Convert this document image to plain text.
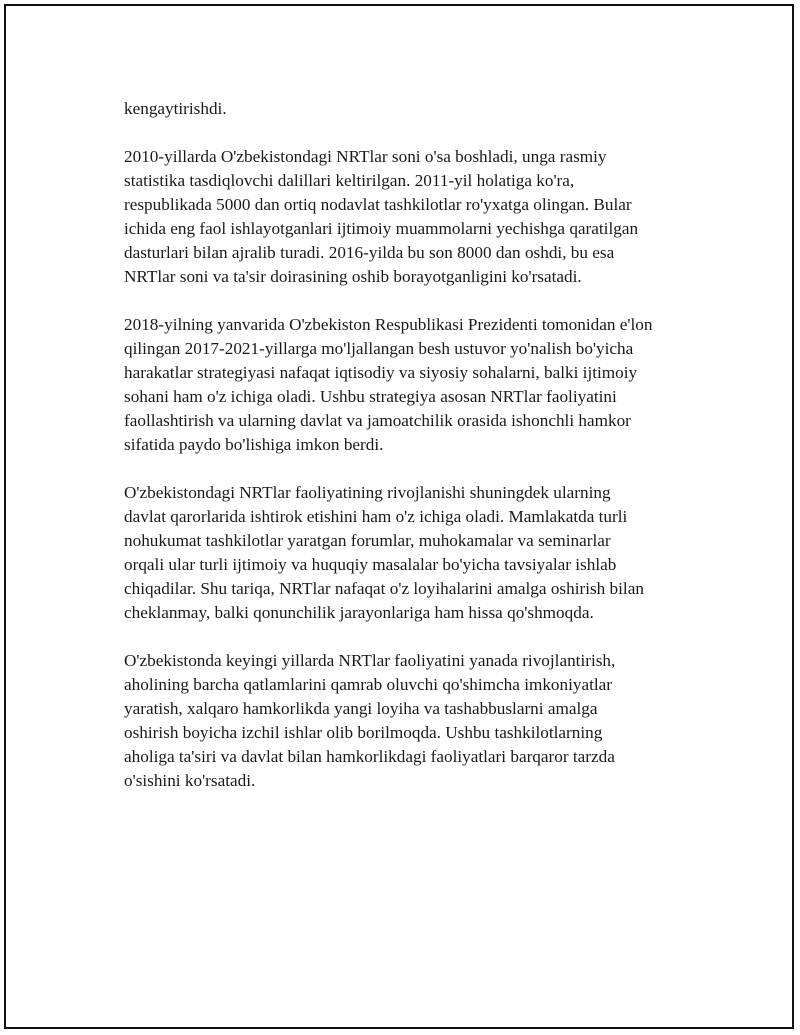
kengaytirishdi.

2010-yillarda O'zbekistondagi NRTlar soni o'sa boshladi, unga rasmiy
statistika tasdiqlovchi dalillari keltirilgan. 2011-yil holatiga ko'ra,
respublikada 5000 dan ortiq nodavlat tashkilotlar ro'yxatga olingan. Bular
ichida eng faol ishlayotganlari ijtimoiy muammolarni yechishga qaratilgan
dasturlari bilan ajralib turadi. 2016-yilda bu son 8000 dan oshdi, bu esa
NRTlar soni va ta'sir doirasining oshib borayotganligini ko'rsatadi.

2018-yilning yanvarida O'zbekiston Respublikasi Prezidenti tomonidan e'lon
qilingan 2017-2021-yillarga mo'ljallangan besh ustuvor yo'nalish bo'yicha
harakatlar strategiyasi nafaqat iqtisodiy va siyosiy sohalarni, balki ijtimoiy
sohani ham o'z ichiga oladi. Ushbu strategiya asosan NRTlar faoliyatini
faollashtirish va ularning davlat va jamoatchilik orasida ishonchli hamkor
sifatida paydo bo'lishiga imkon berdi.

O'zbekistondagi NRTlar faoliyatining rivojlanishi shuningdek ularning
davlat qarorlarida ishtirok etishini ham o'z ichiga oladi. Mamlakatda turli
nohukumat tashkilotlar yaratgan forumlar, muhokamalar va seminarlar
orqali ular turli ijtimoiy va huquqiy masalalar bo'yicha tavsiyalar ishlab
chiqadilar. Shu tariqa, NRTlar nafaqat o'z loyihalarini amalga oshirish bilan
cheklanmay, balki qonunchilik jarayonlariga ham hissa qo'shmoqda.

O'zbekistonda keyingi yillarda NRTlar faoliyatini yanada rivojlantirish,
aholining barcha qatlamlarini qamrab oluvchi qo'shimcha imkoniyatlar
yaratish, xalqaro hamkorlikda yangi loyiha va tashabbuslarni amalga
oshirish boyicha izchil ishlar olib borilmoqda. Ushbu tashkilotlarning
aholiga ta'siri va davlat bilan hamkorlikdagi faoliyatlari barqaror tarzda
o'sishini ko'rsatadi.
